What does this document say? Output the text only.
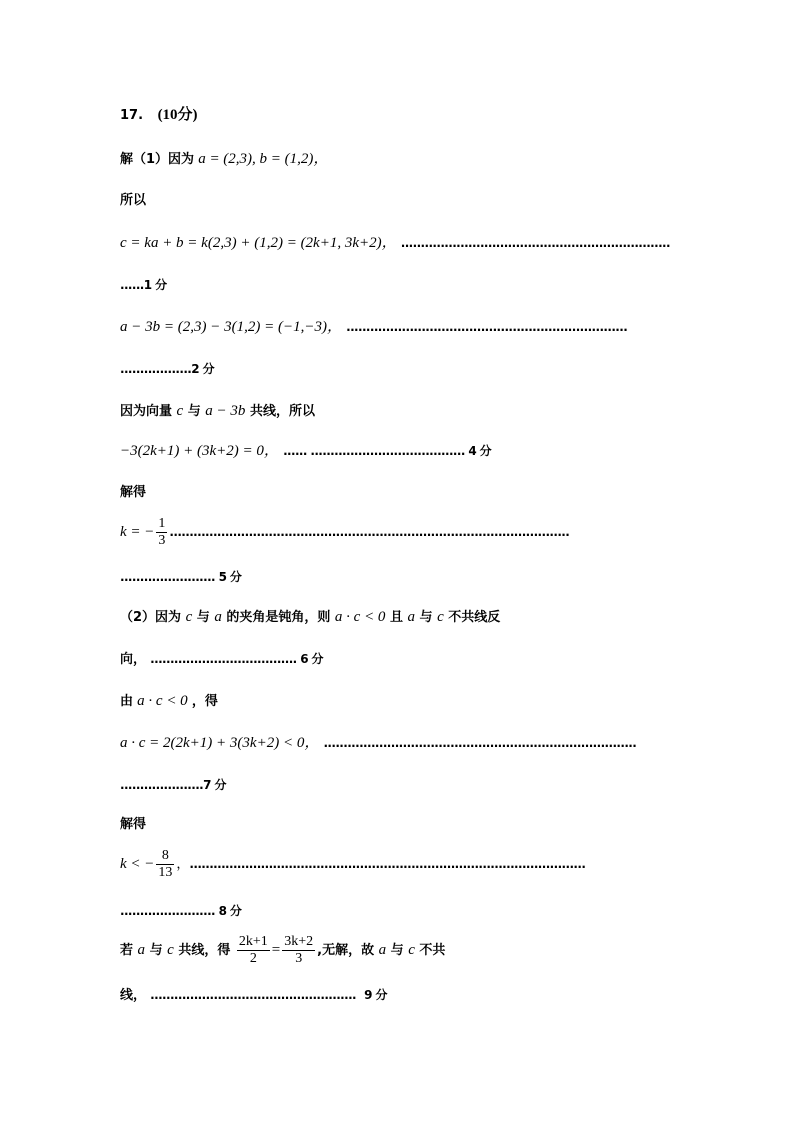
17. (10分)
解（1）因为 a = (2,3), b = (1,2)，
所以
c = ka + b = k(2,3) + (1,2) = (2k+1, 3k+2)， ....................................................................
......1 分
a − 3b = (2,3) − 3(1,2) = (−1,−3)， .......................................................................
..................2 分
因为向量 c 与 a − 3b 共线，所以
−3(2k+1) + (3k+2) = 0， ...... ....................................... 4 分
解得
k = − $\frac{1}{3}$ .....................................................................................................
........................ 5 分
（2）因为 c 与 a 的夹角是钝角，则 a · c < 0 且 a 与 c 不共线反
向， ..................................... 6 分
由 a · c < 0 ，得
a · c = 2(2k+1) + 3(3k+2) < 0， ...............................................................................
.....................7 分
解得
k < − $\frac{8}{13}$ ，....................................................................................................
........................ 8 分
若 a 与 c 共线，得 $\frac{2k+1}{2} = \frac{3k+2}{3}$ ,无解，故 a 与 c 不共
线， .................................................... 9 分
